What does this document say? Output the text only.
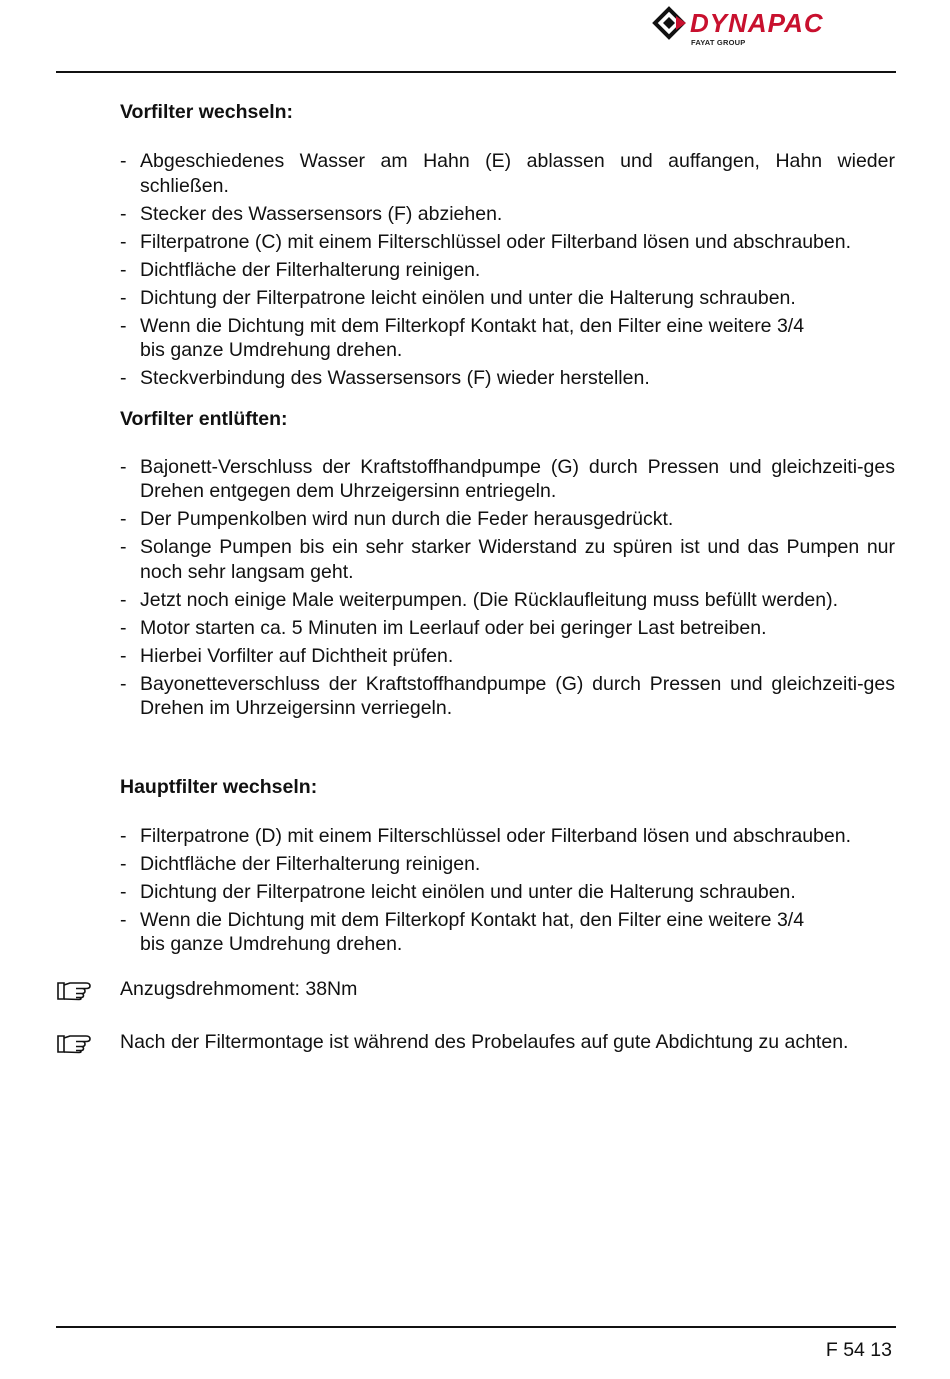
DYNAPAC
FAYAT GROUP
Vorfilter wechseln:
- Abgeschiedenes Wasser am Hahn (E) ablassen und auffangen, Hahn wieder schließen.
- Stecker des Wassersensors (F) abziehen.
- Filterpatrone (C) mit einem Filterschlüssel oder Filterband lösen und abschrauben.
- Dichtfläche der Filterhalterung reinigen.
- Dichtung der Filterpatrone leicht einölen und unter die Halterung schrauben.
- Wenn die Dichtung mit dem Filterkopf Kontakt hat, den Filter eine weitere 3/4 bis ganze Umdrehung drehen.
- Steckverbindung des Wassersensors (F) wieder herstellen.
Vorfilter entlüften:
- Bajonett-Verschluss der Kraftstoffhandpumpe (G) durch Pressen und gleichzeiti-ges Drehen entgegen dem Uhrzeigersinn entriegeln.
- Der Pumpenkolben wird nun durch die Feder herausgedrückt.
- Solange Pumpen bis ein sehr starker Widerstand zu spüren ist und das Pumpen nur noch sehr langsam geht.
- Jetzt noch einige Male weiterpumpen. (Die Rücklaufleitung muss befüllt werden).
- Motor starten ca. 5 Minuten im Leerlauf oder bei geringer Last betreiben.
- Hierbei Vorfilter auf Dichtheit prüfen.
- Bayonetteverschluss der Kraftstoffhandpumpe (G) durch Pressen und gleichzeiti-ges Drehen im Uhrzeigersinn verriegeln.
Hauptfilter wechseln:
- Filterpatrone (D) mit einem Filterschlüssel oder Filterband lösen und abschrauben.
- Dichtfläche der Filterhalterung reinigen.
- Dichtung der Filterpatrone leicht einölen und unter die Halterung schrauben.
- Wenn die Dichtung mit dem Filterkopf Kontakt hat, den Filter eine weitere 3/4 bis ganze Umdrehung drehen.
Anzugsdrehmoment: 38Nm
Nach der Filtermontage ist während des Probelaufes auf gute Abdichtung zu achten.
F 54 13
